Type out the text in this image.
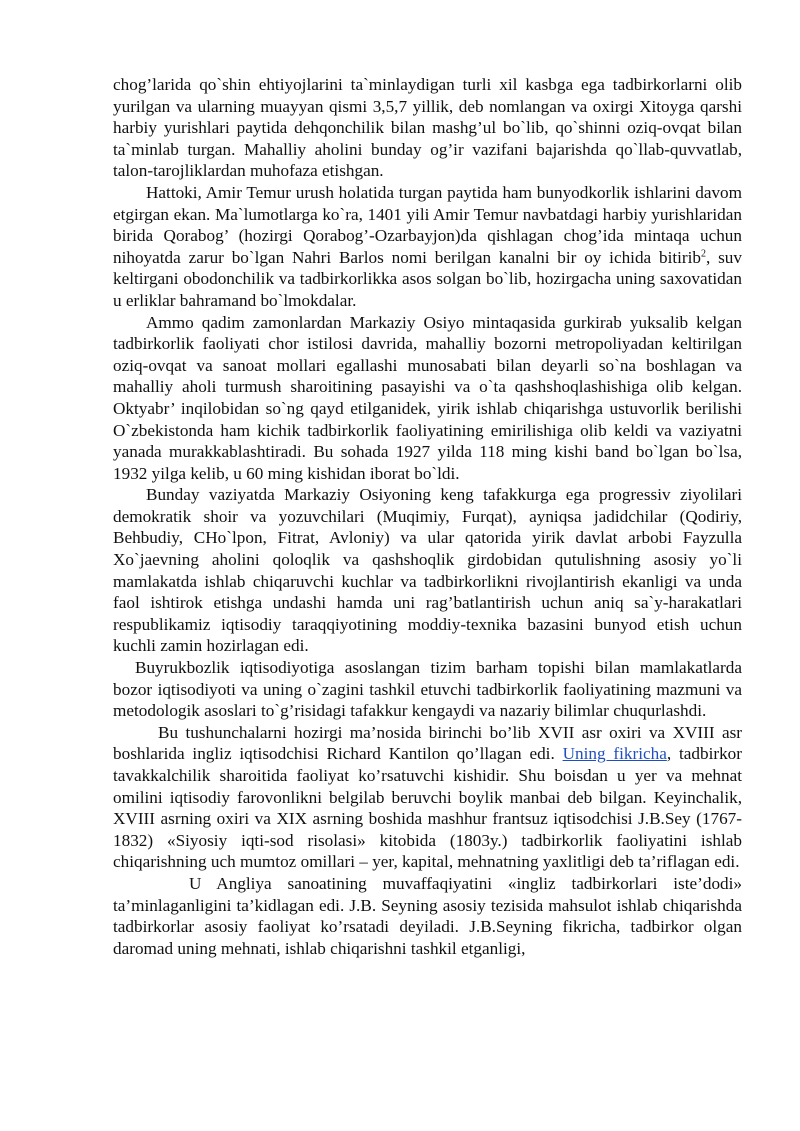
chog’larida qo`shin ehtiyojlarini ta`minlaydigan turli xil kasbga ega tadbirkorlarni olib yurilgan va ularning muayyan qismi 3,5,7 yillik, deb nomlangan va oxirgi Xitoyga qarshi harbiy yurishlari paytida dehqonchilik bilan mashg’ul bo`lib, qo`shinni oziq-ovqat bilan ta`minlab turgan. Mahalliy aholini bunday og’ir vazifani bajarishda qo`llab-quvvatlab, talon-tarojliklardan muhofaza etishgan.

Hattoki, Amir Temur urush holatida turgan paytida ham bunyodkorlik ishlarini davom etgirgan ekan. Ma`lumotlarga ko`ra, 1401 yili Amir Temur navbatdagi harbiy yurishlaridan birida Qorabog’ (hozirgi Qorabog’-Ozarbayjon)da qishlagan chog’ida mintaqa uchun nihoyatda zarur bo`lgan Nahri Barlos nomi berilgan kanalni bir oy ichida bitirib$^2$, suv keltirgani obodonchilik va tadbirkorlikka asos solgan bo`lib, hozirgacha uning saxovatidan u erliklar bahramand bo`lmokdalar.

Ammo qadim zamonlardan Markaziy Osiyo mintaqasida gurkirab yuksalib kelgan tadbirkorlik faoliyati chor istilosi davrida, mahalliy bozorni metropoliyadan keltirilgan oziq-ovqat va sanoat mollari egallashi munosabati bilan deyarli so`na boshlagan va mahalliy aholi turmush sharoitining pasayishi va o`ta qashshoqlashishiga olib kelgan. Oktyabr’ inqilobidan so`ng qayd etilganidek, yirik ishlab chiqarishga ustuvorlik berilishi O`zbekistonda ham kichik tadbirkorlik faoliyatining emirilishiga olib keldi va vaziyatni yanada murakkablashtiradi. Bu sohada 1927 yilda 118 ming kishi band bo`lgan bo`lsa, 1932 yilga kelib, u 60 ming kishidan iborat bo`ldi.

Bunday vaziyatda Markaziy Osiyoning keng tafakkurga ega progressiv ziyolilari demokratik shoir va yozuvchilari (Muqimiy, Furqat), ayniqsa jadidchilar (Qodiriy, Behbudiy, CHo`lpon, Fitrat, Avloniy) va ular qatorida yirik davlat arbobi Fayzulla Xo`jaevning aholini qoloqlik va qashshoqlik girdobidan qutulishning asosiy yo`li mamlakatda ishlab chiqaruvchi kuchlar va tadbirkorlikni rivojlantirish ekanligi va unda faol ishtirok etishga undashi hamda uni rag’batlantirish uchun aniq sa`y-harakatlari respublikamiz iqtisodiy taraqqiyotining moddiy-texnika bazasini bunyod etish uchun kuchli zamin hozirlagan edi.

Buyrukbozlik iqtisodiyotiga asoslangan tizim barham topishi bilan mamlakatlarda bozor iqtisodiyoti va uning o`zagini tashkil etuvchi tadbirkorlik faoliyatining mazmuni va metodologik asoslari to`g’risidagi tafakkur kengaydi va nazariy bilimlar chuqurlashdi.

Bu tushunchalarni hozirgi ma’nosida birinchi bo’lib XVII asr oxiri va XVIII asr boshlarida ingliz iqtisodchisi Richard Kantilon qo’llagan edi. Uning fikricha, tadbirkor tavakkalchilik sharoitida faoliyat ko’rsatuvchi kishidir. Shu boisdan u yer va mehnat omilini iqtisodiy farovonlikni belgilab beruvchi boylik manbai deb bilgan. Keyinchalik, XVIII asrning oxiri va XIX asrning boshida mashhur frantsuz iqtisodchisi J.B.Sey (1767-1832) «Siyosiy iqti-sod risolasi» kitobida (1803y.) tadbirkorlik faoliyatini ishlab chiqarishning uch mumtoz omillari – yer, kapital, mehnatning yaxlitligi deb ta’riflagan edi.

U Angliya sanoatining muvaffaqiyatini «ingliz tadbirkorlari iste’dodi» ta’minlaganligini ta’kidlagan edi. J.B. Seyning asosiy tezisida mahsulot ishlab chiqarishda tadbirkorlar asosiy faoliyat ko’rsatadi deyiladi. J.B.Seyning fikricha, tadbirkor olgan daromad uning mehnati, ishlab chiqarishni tashkil etganligi,
